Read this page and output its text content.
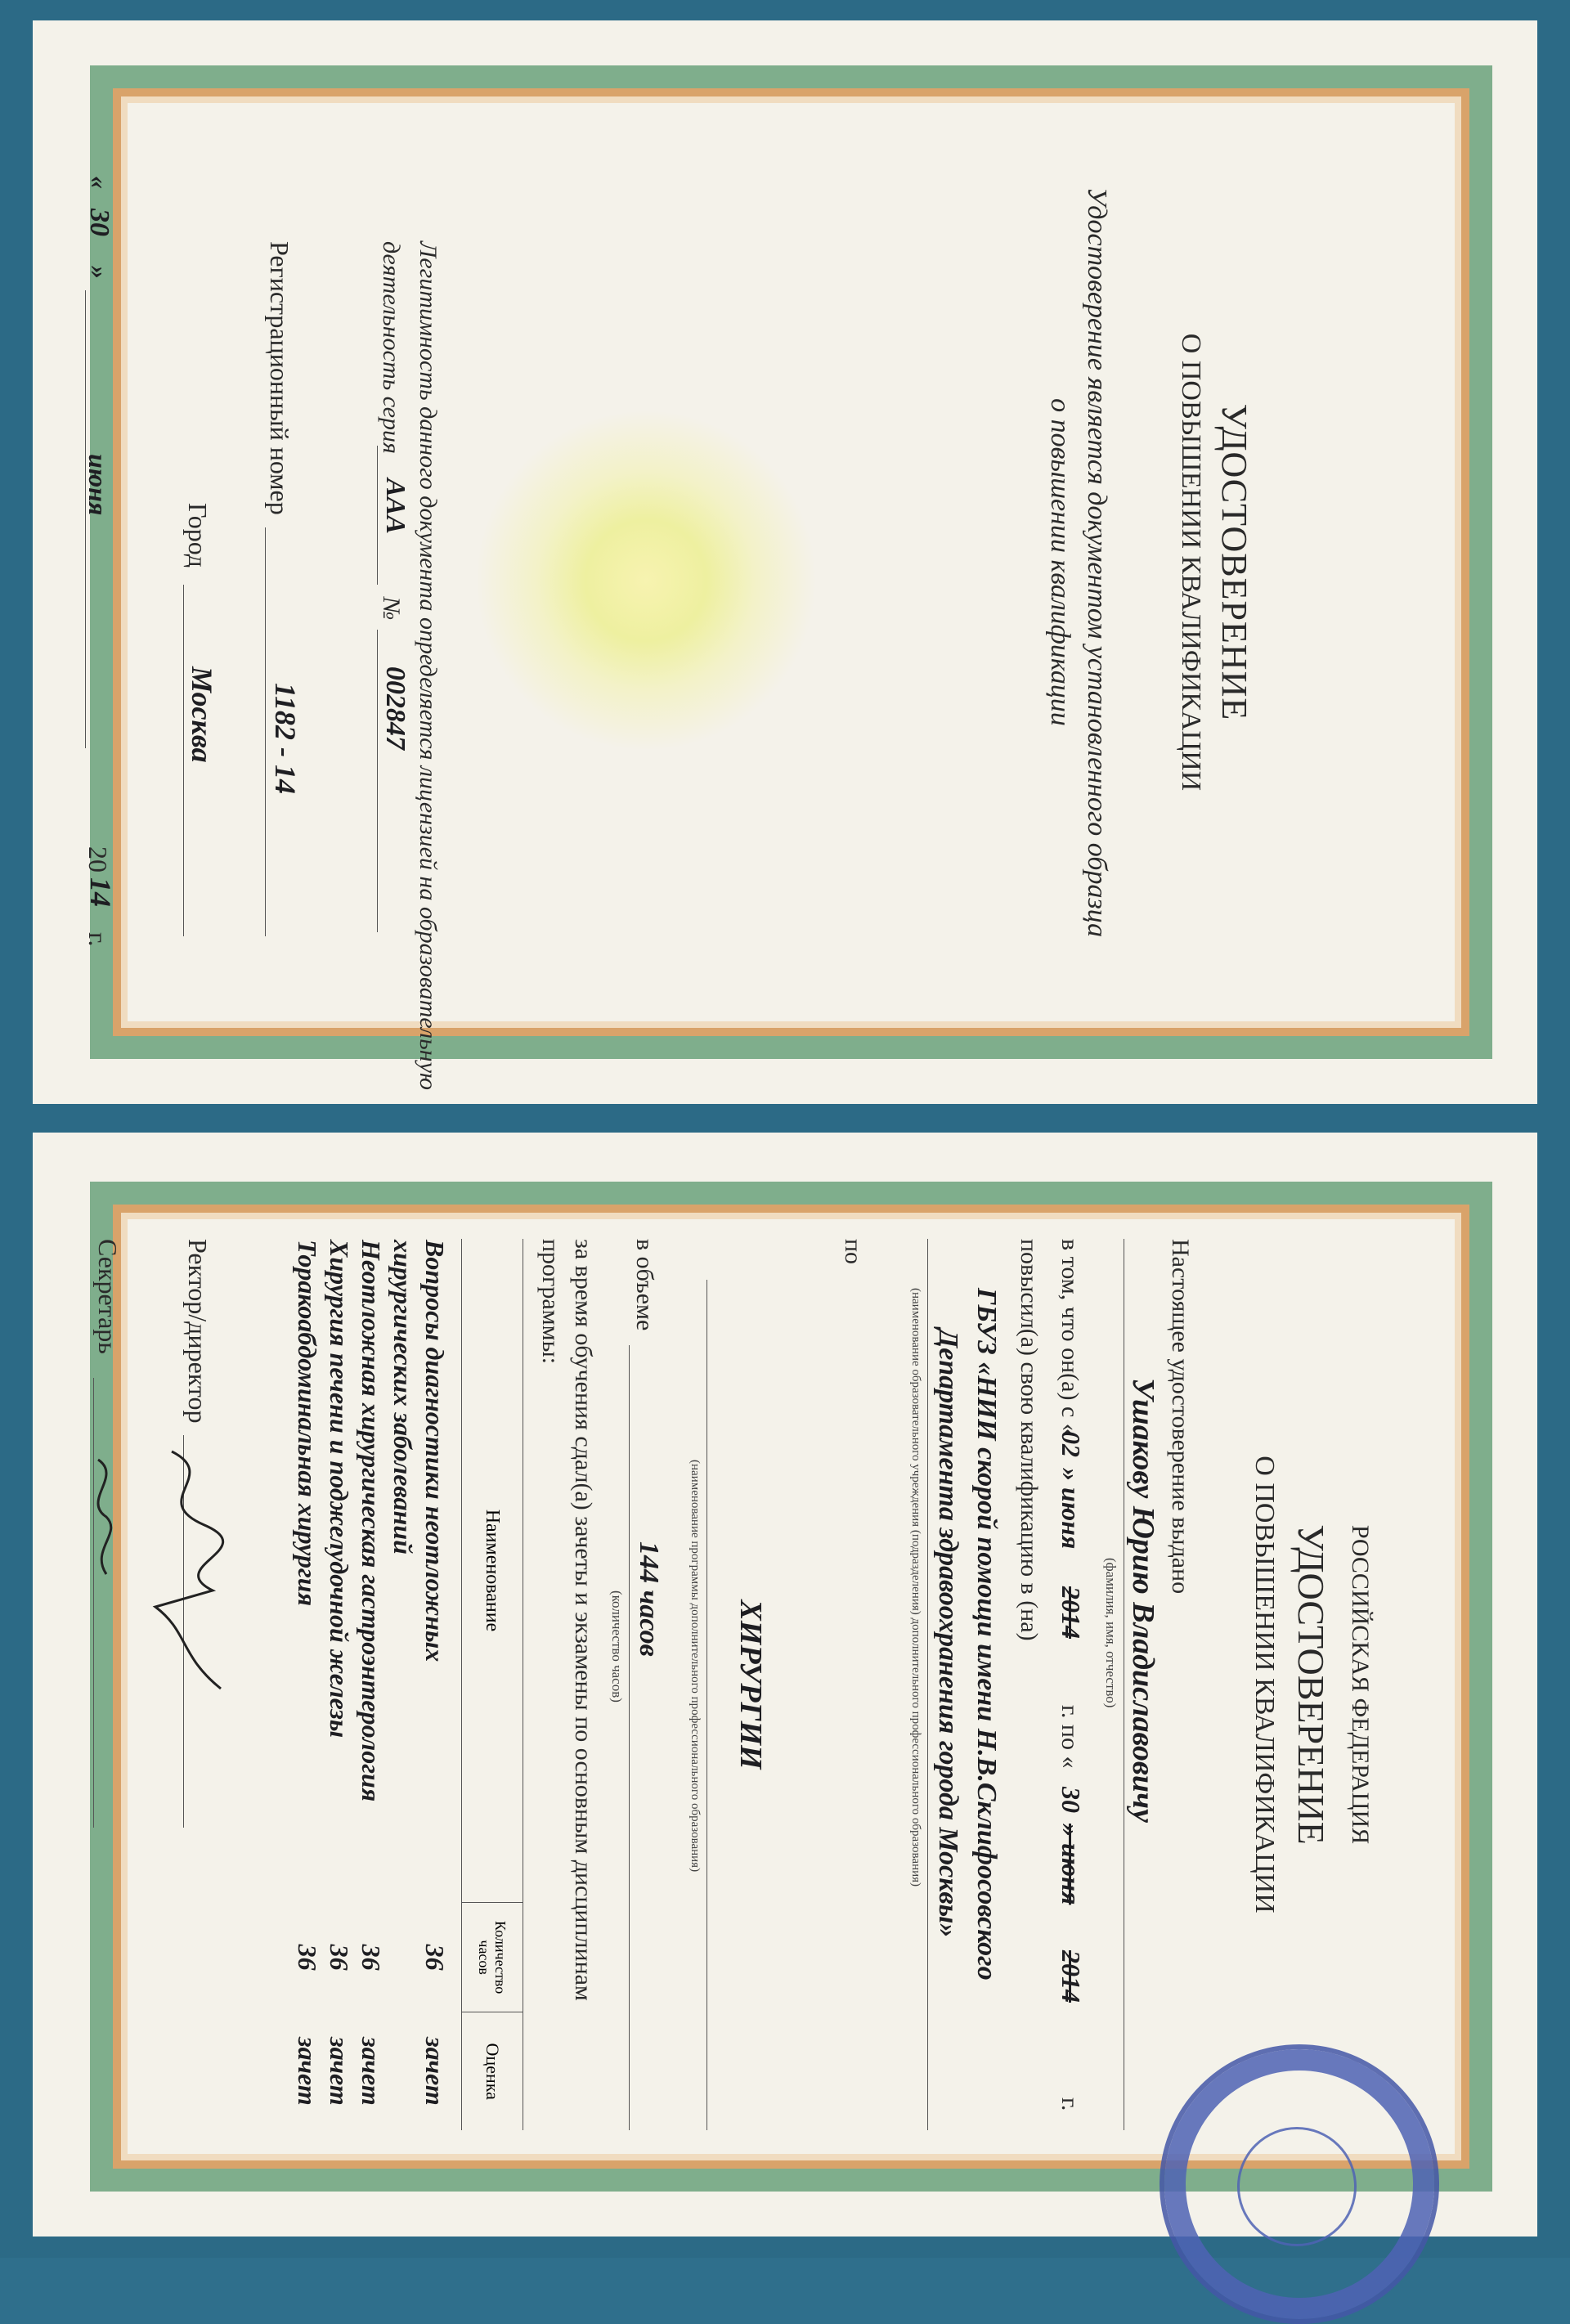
УДОСТОВЕРЕНИЕ
О ПОВЫШЕНИИ КВАЛИФИКАЦИИ
Удостоверение является документом установленного образца
о повышении квалификации
Легитимность данного документа определяется лицензией на образовательную
деятельность серия
ААА
№
002847
Регистрационный номер
1182 - 14
Город
Москва
«
30
»
июня
20
14
г.
РОССИЙСКАЯ ФЕДЕРАЦИЯ
УДОСТОВЕРЕНИЕ
О ПОВЫШЕНИИ КВАЛИФИКАЦИИ
Настоящее удостоверение выдано
Ушакову Юрию Владиславовичу
(фамилия, имя, отчество)
в том, что он(а) с «
02
» июня
2014
г. по «
30
» июня
2014
г.
повысил(а) свою квалификацию в (на)
ГБУЗ «НИИ скорой помощи имени Н.В.Склифосовского
Департамента здравоохранения города Москвы»
(наименование образовательного учреждения (подразделения) дополнительного профессионального образования)
по
ХИРУРГИИ
(наименование программы дополнительного профессионального образования)
в объеме
144 часов
(количество часов)
за время обучения сдал(а) зачеты и экзамены по основным дисциплинам
программы:
Наименование	Количество часов	Оценка
Вопросы диагностики неотложных	36	зачет
хирургических заболеваний		
Неотложная хирургическая гастроэнтерология	36	зачет
Хирургия печени и поджелудочной железы	36	зачет
Торакоабдоминальная хирургия	36	зачет
Ректор/директор
Секретарь
